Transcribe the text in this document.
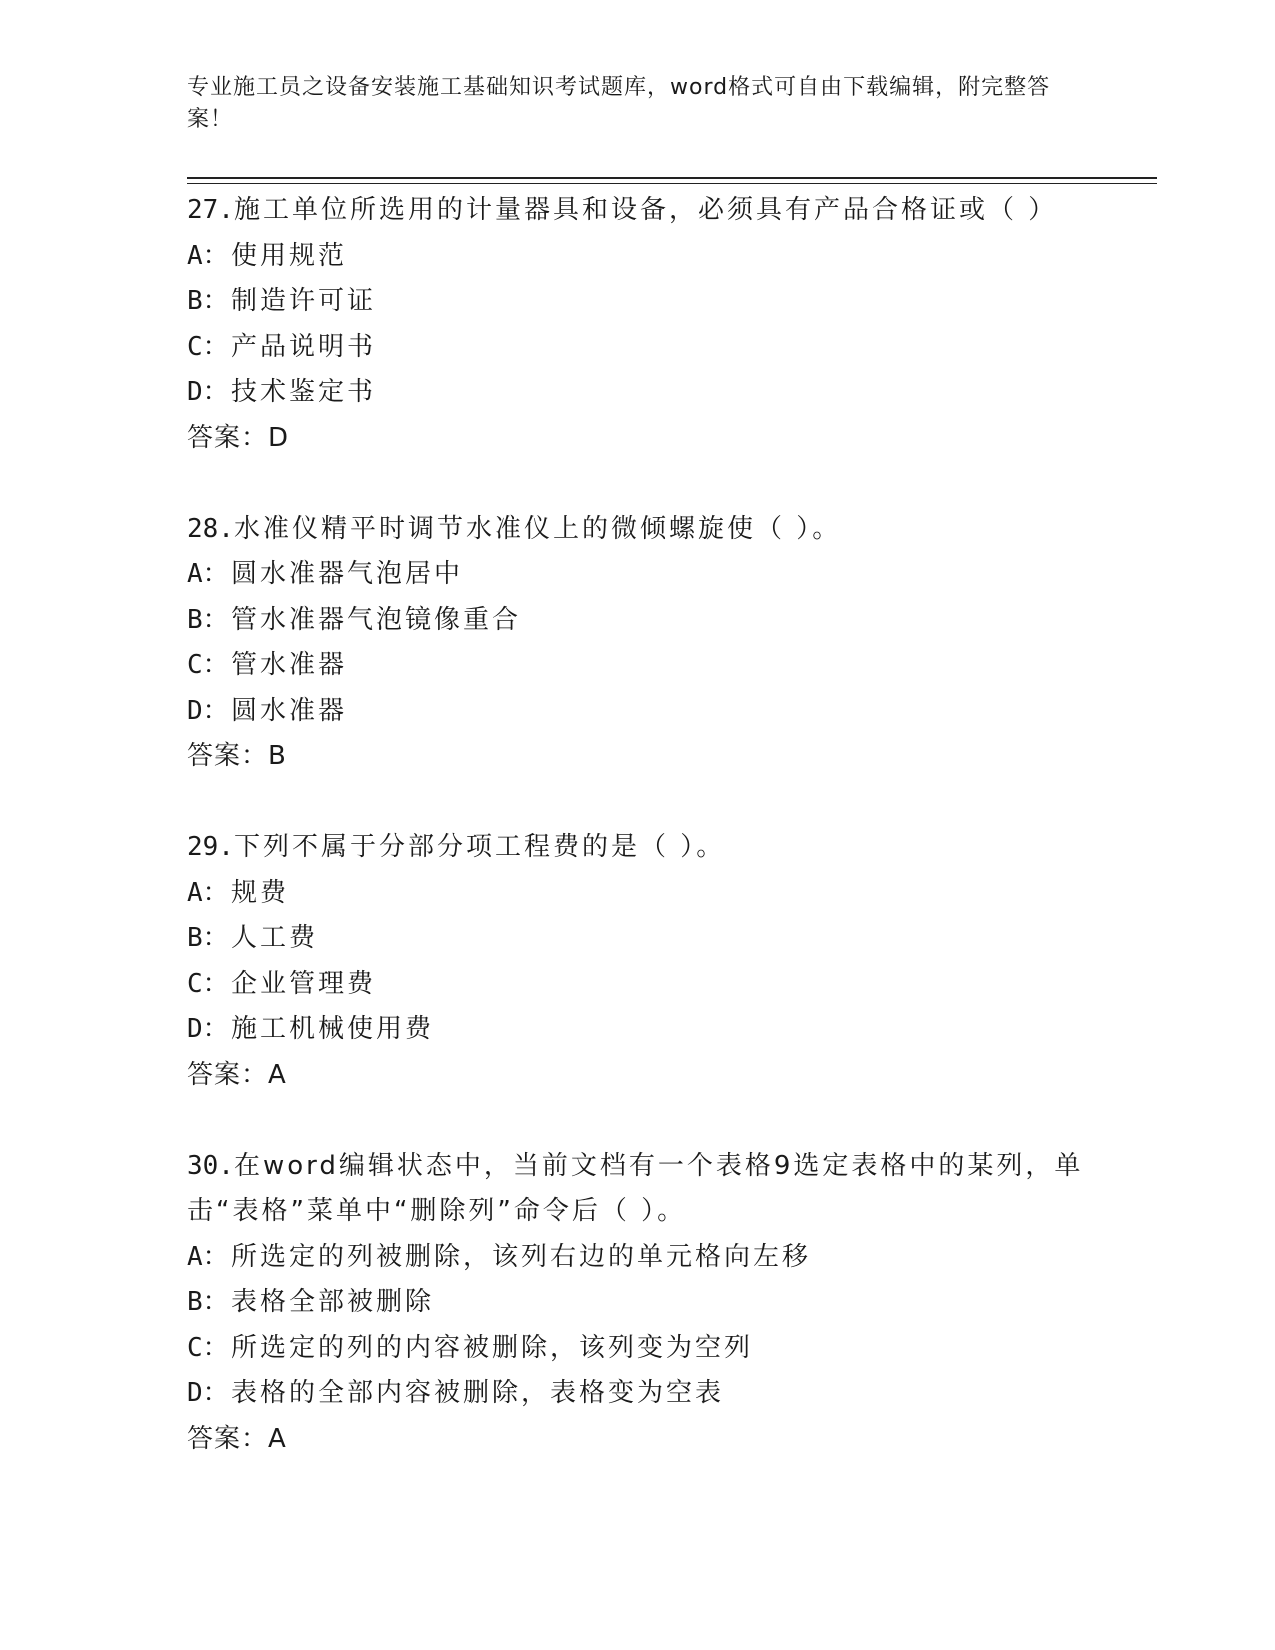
专业施工员之设备安装施工基础知识考试题库，word格式可自由下载编辑，附完整答案！
27.施工单位所选用的计量器具和设备，必须具有产品合格证或（ ）
A：使用规范
B：制造许可证
C：产品说明书
D：技术鉴定书
答案：D
28.水准仪精平时调节水准仪上的微倾螺旋使（ ）。
A：圆水准器气泡居中
B：管水准器气泡镜像重合
C：管水准器
D：圆水准器
答案：B
29.下列不属于分部分项工程费的是（ ）。
A：规费
B：人工费
C：企业管理费
D：施工机械使用费
答案：A
30.在word编辑状态中，当前文档有一个表格9选定表格中的某列，单击“表格”菜单中“删除列”命令后（ ）。
A：所选定的列被删除，该列右边的单元格向左移
B：表格全部被删除
C：所选定的列的内容被删除，该列变为空列
D：表格的全部内容被删除，表格变为空表
答案：A
